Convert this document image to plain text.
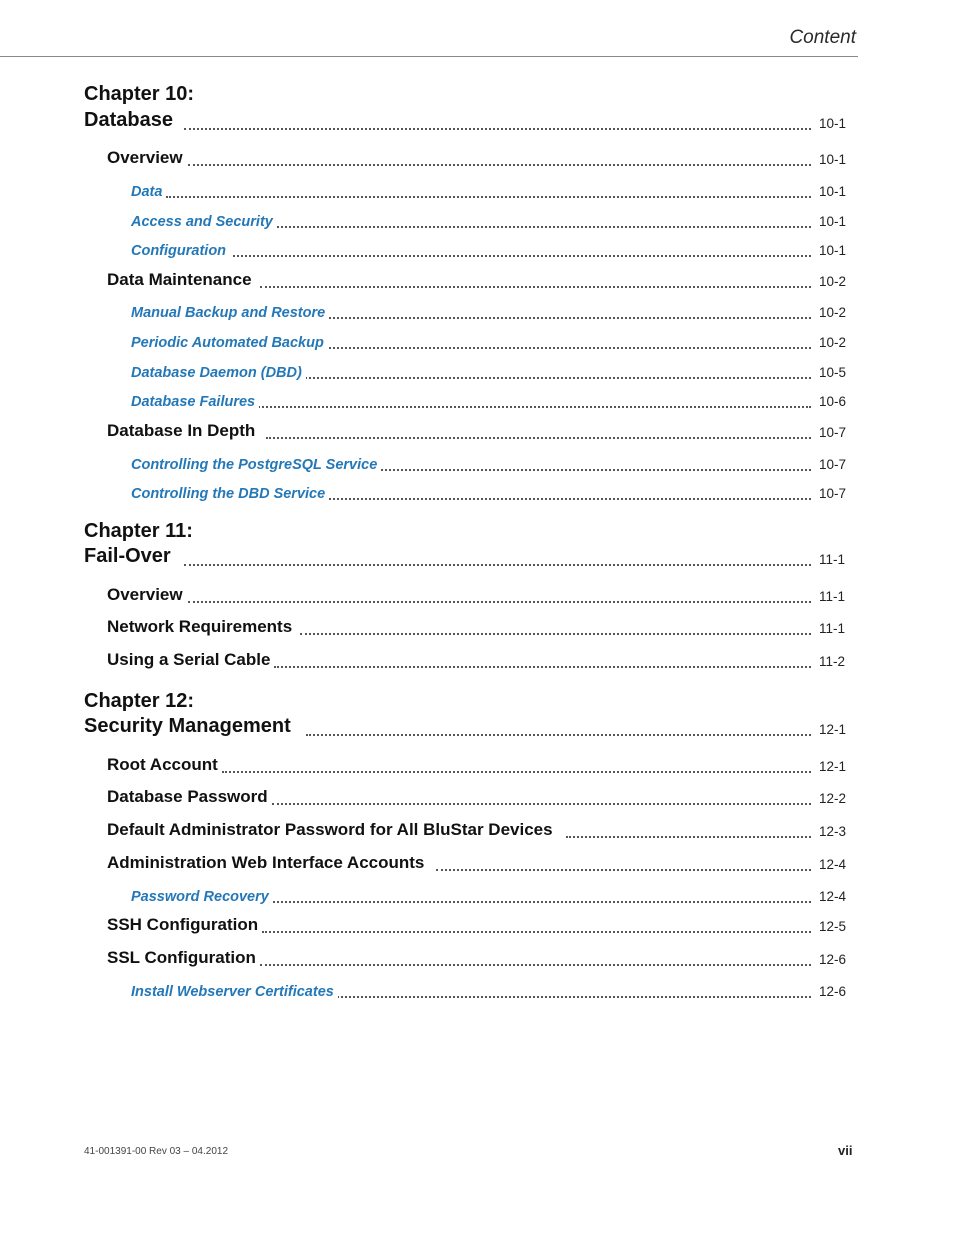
Content
Chapter 10:
Database	10-1
Overview	10-1
Data	10-1
Access and Security	10-1
Configuration	10-1
Data Maintenance	10-2
Manual Backup and Restore	10-2
Periodic Automated Backup	10-2
Database Daemon (DBD)	10-5
Database Failures	10-6
Database In Depth	10-7
Controlling the PostgreSQL Service	10-7
Controlling the DBD Service	10-7
Chapter 11:
Fail-Over	11-1
Overview	11-1
Network Requirements	11-1
Using a Serial Cable	11-2
Chapter 12:
Security Management	12-1
Root Account	12-1
Database Password	12-2
Default Administrator Password for All BluStar Devices	12-3
Administration Web Interface Accounts	12-4
Password Recovery	12-4
SSH Configuration	12-5
SSL Configuration	12-6
Install Webserver Certificates	12-6
41-001391-00 Rev 03 – 04.2012	vii
